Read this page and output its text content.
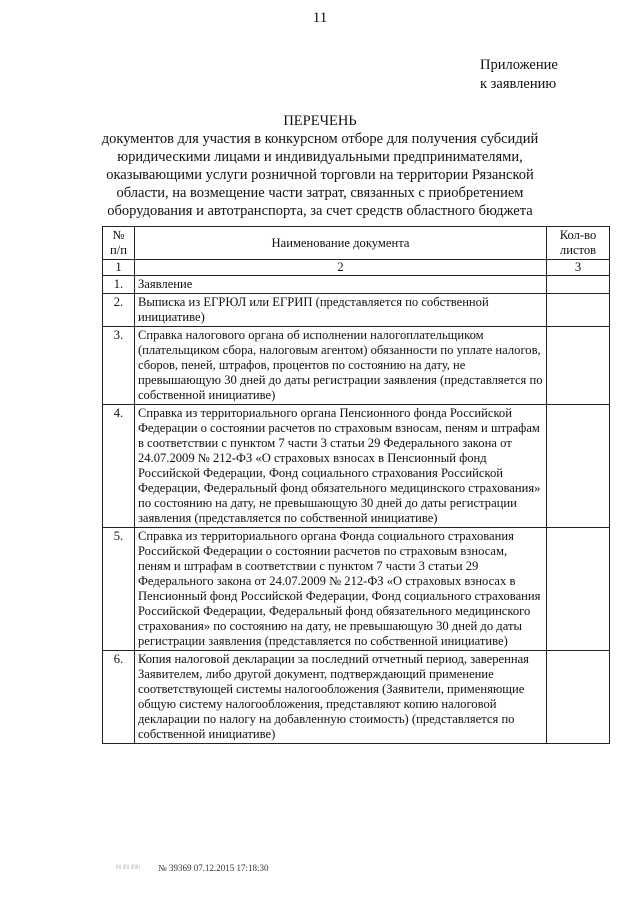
11
Приложение
к заявлению
ПЕРЕЧЕНЬ
документов для участия в конкурсном отборе для получения субсидий
юридическими лицами и индивидуальными предпринимателями,
оказывающими услуги розничной торговли на территории Рязанской
области, на возмещение части затрат, связанных с приобретением
оборудования и автотранспорта, за счет средств областного бюджета
№ п/п	Наименование документа	Кол-во листов
1	2	3
1.	Заявление	
2.	Выписка из ЕГРЮЛ или ЕГРИП (представляется по собственной инициативе)	
3.	Справка налогового органа об исполнении налогоплательщиком (плательщиком сбора, налоговым агентом) обязанности по уплате налогов, сборов, пеней, штрафов, процентов по состоянию на дату, не превышающую 30 дней до даты регистрации заявления (представляется по собственной инициативе)	
4.	Справка из территориального органа Пенсионного фонда Российской Федерации о состоянии расчетов по страховым взносам, пеням и штрафам в соответствии с пунктом 7 части 3 статьи 29 Федерального закона от 24.07.2009 № 212-ФЗ «О страховых взносах в Пенсионный фонд Российской Федерации, Фонд социального страхования Российской Федерации, Федеральный фонд обязательного медицинского страхования» по состоянию на дату, не превышающую 30 дней до даты регистрации заявления (представляется по собственной инициативе)	
5.	Справка из территориального органа Фонда социального страхования Российской Федерации о состоянии расчетов по страховым взносам, пеням и штрафам в соответствии с пунктом 7 части 3 статьи 29 Федерального закона от 24.07.2009 № 212-ФЗ «О страховых взносах в Пенсионный фонд Российской Федерации, Фонд социального страхования Российской Федерации, Федеральный фонд обязательного медицинского страхования» по состоянию на дату, не превышающую 30 дней до даты регистрации заявления (представляется по собственной инициативе)	
6.	Копия налоговой декларации за последний отчетный период, заверенная Заявителем, либо другой документ, подтверждающий применение соответствующей системы налогообложения (Заявители, применяющие общую систему налогообложения, представляют копию налоговой декларации по налогу на добавленную стоимость) (представляется по собственной инициативе)	
|||| ||||| ||||||| № 39369 07.12.2015 17:18:30
